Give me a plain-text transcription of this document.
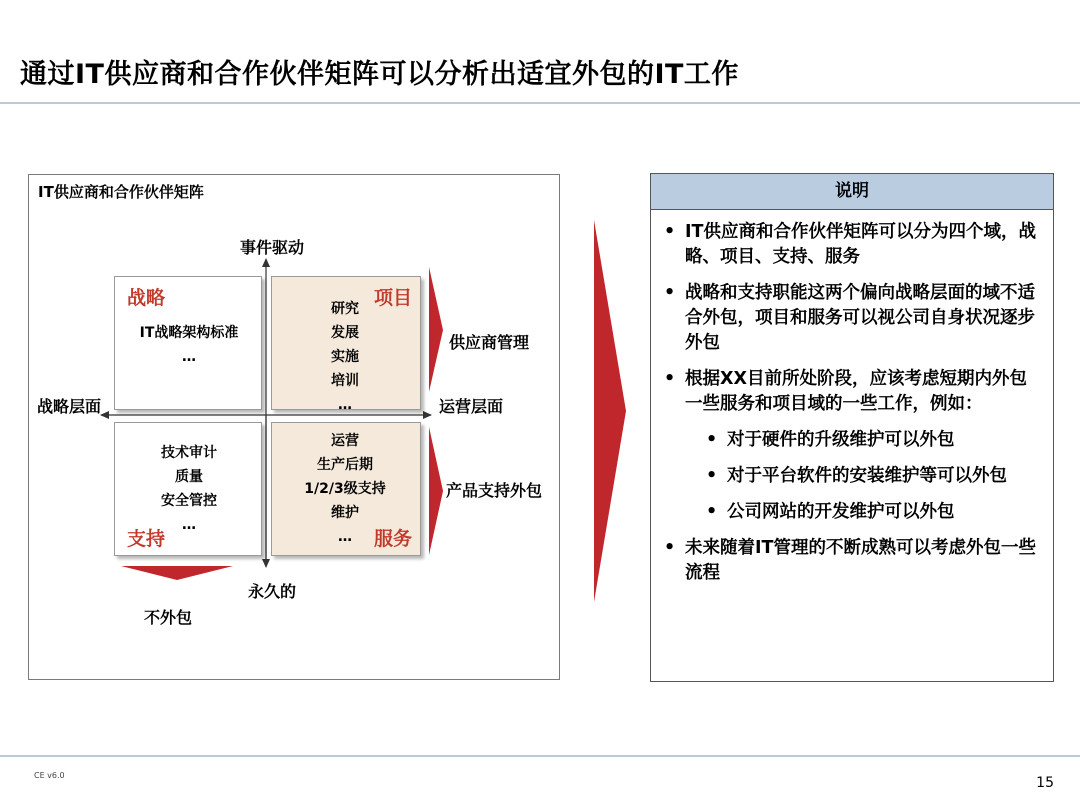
通过IT供应商和合作伙伴矩阵可以分析出适宜外包的IT工作
IT供应商和合作伙伴矩阵
事件驱动
永久的
战略层面	运营层面
战略
IT战略架构标准
…
项目
研究
发展
实施
培训
…
技术审计
质量
安全管控
…
支持
运营
生产后期
1/2/3级支持
维护
…	服务
供应商管理
产品支持外包
不外包
说明
• IT供应商和合作伙伴矩阵可以分为四个域，战略、项目、支持、服务
• 战略和支持职能这两个偏向战略层面的域不适合外包，项目和服务可以视公司自身状况逐步外包
• 根据XX目前所处阶段，应该考虑短期内外包一些服务和项目域的一些工作，例如：
• 对于硬件的升级维护可以外包
• 对于平台软件的安装维护等可以外包
• 公司网站的开发维护可以外包
• 未来随着IT管理的不断成熟可以考虑外包一些流程
CE v6.0	15
